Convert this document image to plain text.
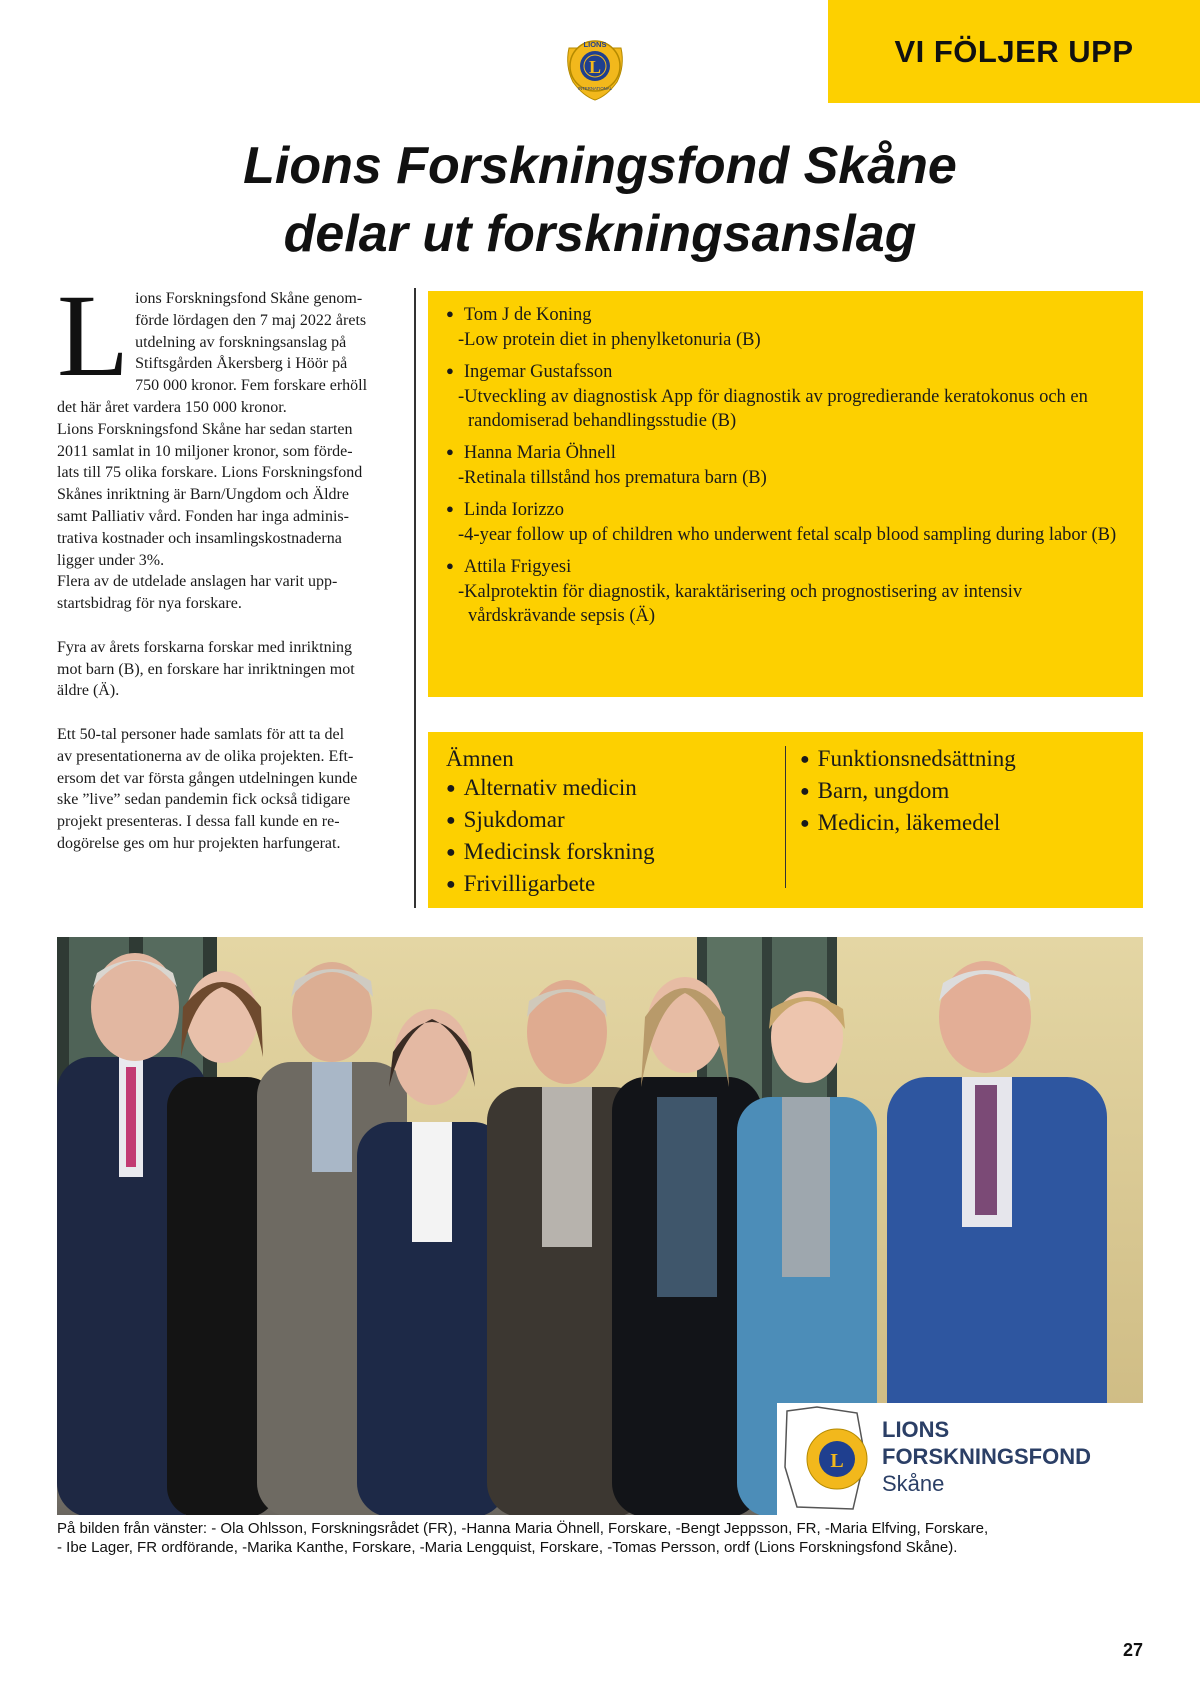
VI FÖLJER UPP
L
LIONS
INTERNATIONAL
Lions Forskningsfond Skåne
delar ut forskningsanslag
L ions Forskningsfond Skåne genom-
förde lördagen den 7 maj 2022 årets
utdelning av forskningsanslag på
Stiftsgården Åkersberg i Höör på
750 000 kronor. Fem forskare erhöll

det här året vardera 150 000 kronor.
Lions Forskningsfond Skåne har sedan starten
2011 samlat in 10 miljoner kronor, som förde-
lats till 75 olika forskare. Lions Forskningsfond
Skånes inriktning är Barn/Ungdom och Äldre
samt Palliativ vård. Fonden har inga adminis-
trativa kostnader och insamlingskostnaderna
ligger under 3%.
Flera av de utdelade anslagen har varit upp-
startsbidrag för nya forskare.

Fyra av årets forskarna forskar med inriktning
mot barn (B), en forskare har inriktningen mot
äldre (Ä).

Ett 50-tal personer hade samlats för att ta del
av presentationerna av de olika projekten. Eft-
ersom det var första gången utdelningen kunde
ske ”live” sedan pandemin fick också tidigare
projekt presenteras. I dessa fall kunde en re-
dogörelse ges om hur projekten harfungerat.

● Tom J de Koning
-Low protein diet in phenylketonuria (B)
● Ingemar Gustafsson
-Utveckling av diagnostisk App för diagnostik av progredierande keratokonus och en randomiserad behandlingsstudie (B)
● Hanna Maria Öhnell
-Retinala tillstånd hos prematura barn (B)
● Linda Iorizzo
-4-year follow up of children who underwent fetal scalp blood sampling during labor (B)
● Attila Frigyesi
-Kalprotektin för diagnostik, karaktärisering och prognostisering av intensiv vårdskrävande sepsis (Ä)
Ämnen
● Alternativ medicin
● Sjukdomar
● Medicinsk forskning
● Frivilligarbete
● Funktionsnedsättning
● Barn, ungdom
● Medicin, läkemedel
L
LIONS
FORSKNINGSFOND
Skåne

På bilden från vänster: - Ola Ohlsson, Forskningsrådet (FR), -Hanna Maria Öhnell, Forskare, -Bengt Jeppsson, FR, -Maria Elfving, Forskare,

- Ibe Lager, FR ordförande, -Marika Kanthe, Forskare, -Maria Lengquist, Forskare, -Tomas Persson, ordf (Lions Forskningsfond Skåne).

27
